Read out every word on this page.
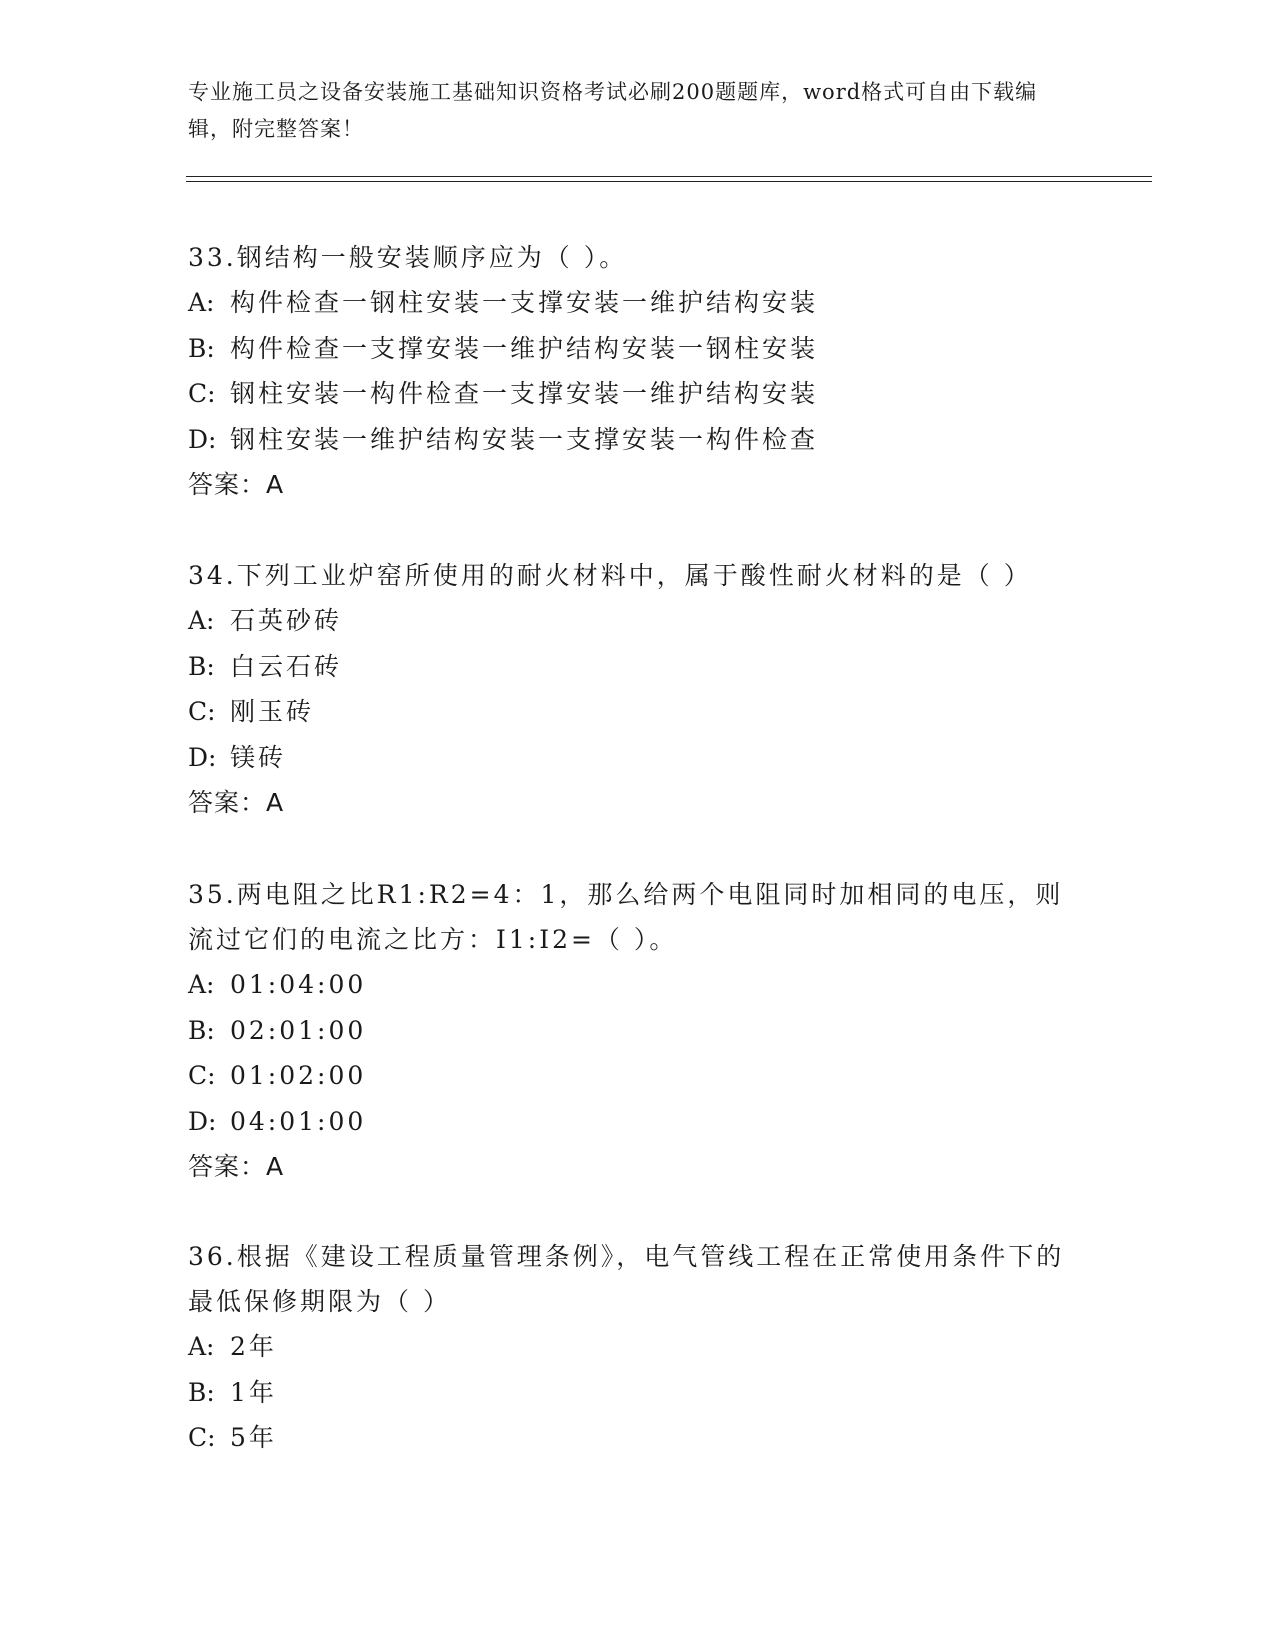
专业施工员之设备安装施工基础知识资格考试必刷200题题库，word格式可自由下载编辑，附完整答案！
33.钢结构一般安装顺序应为（ ）。
A: 构件检查一钢柱安装一支撑安装一维护结构安装
B: 构件检查一支撑安装一维护结构安装一钢柱安装
C: 钢柱安装一构件检查一支撑安装一维护结构安装
D: 钢柱安装一维护结构安装一支撑安装一构件检查
答案：A
34.下列工业炉窑所使用的耐火材料中，属于酸性耐火材料的是（ ）
A: 石英砂砖
B: 白云石砖
C: 刚玉砖
D: 镁砖
答案：A
35.两电阻之比R1:R2=4：1，那么给两个电阻同时加相同的电压，则流过它们的电流之比方：I1:I2=（ ）。
A: 01:04:00
B: 02:01:00
C: 01:02:00
D: 04:01:00
答案：A
36.根据《建设工程质量管理条例》，电气管线工程在正常使用条件下的最低保修期限为（ ）
A: 2年
B: 1年
C: 5年
